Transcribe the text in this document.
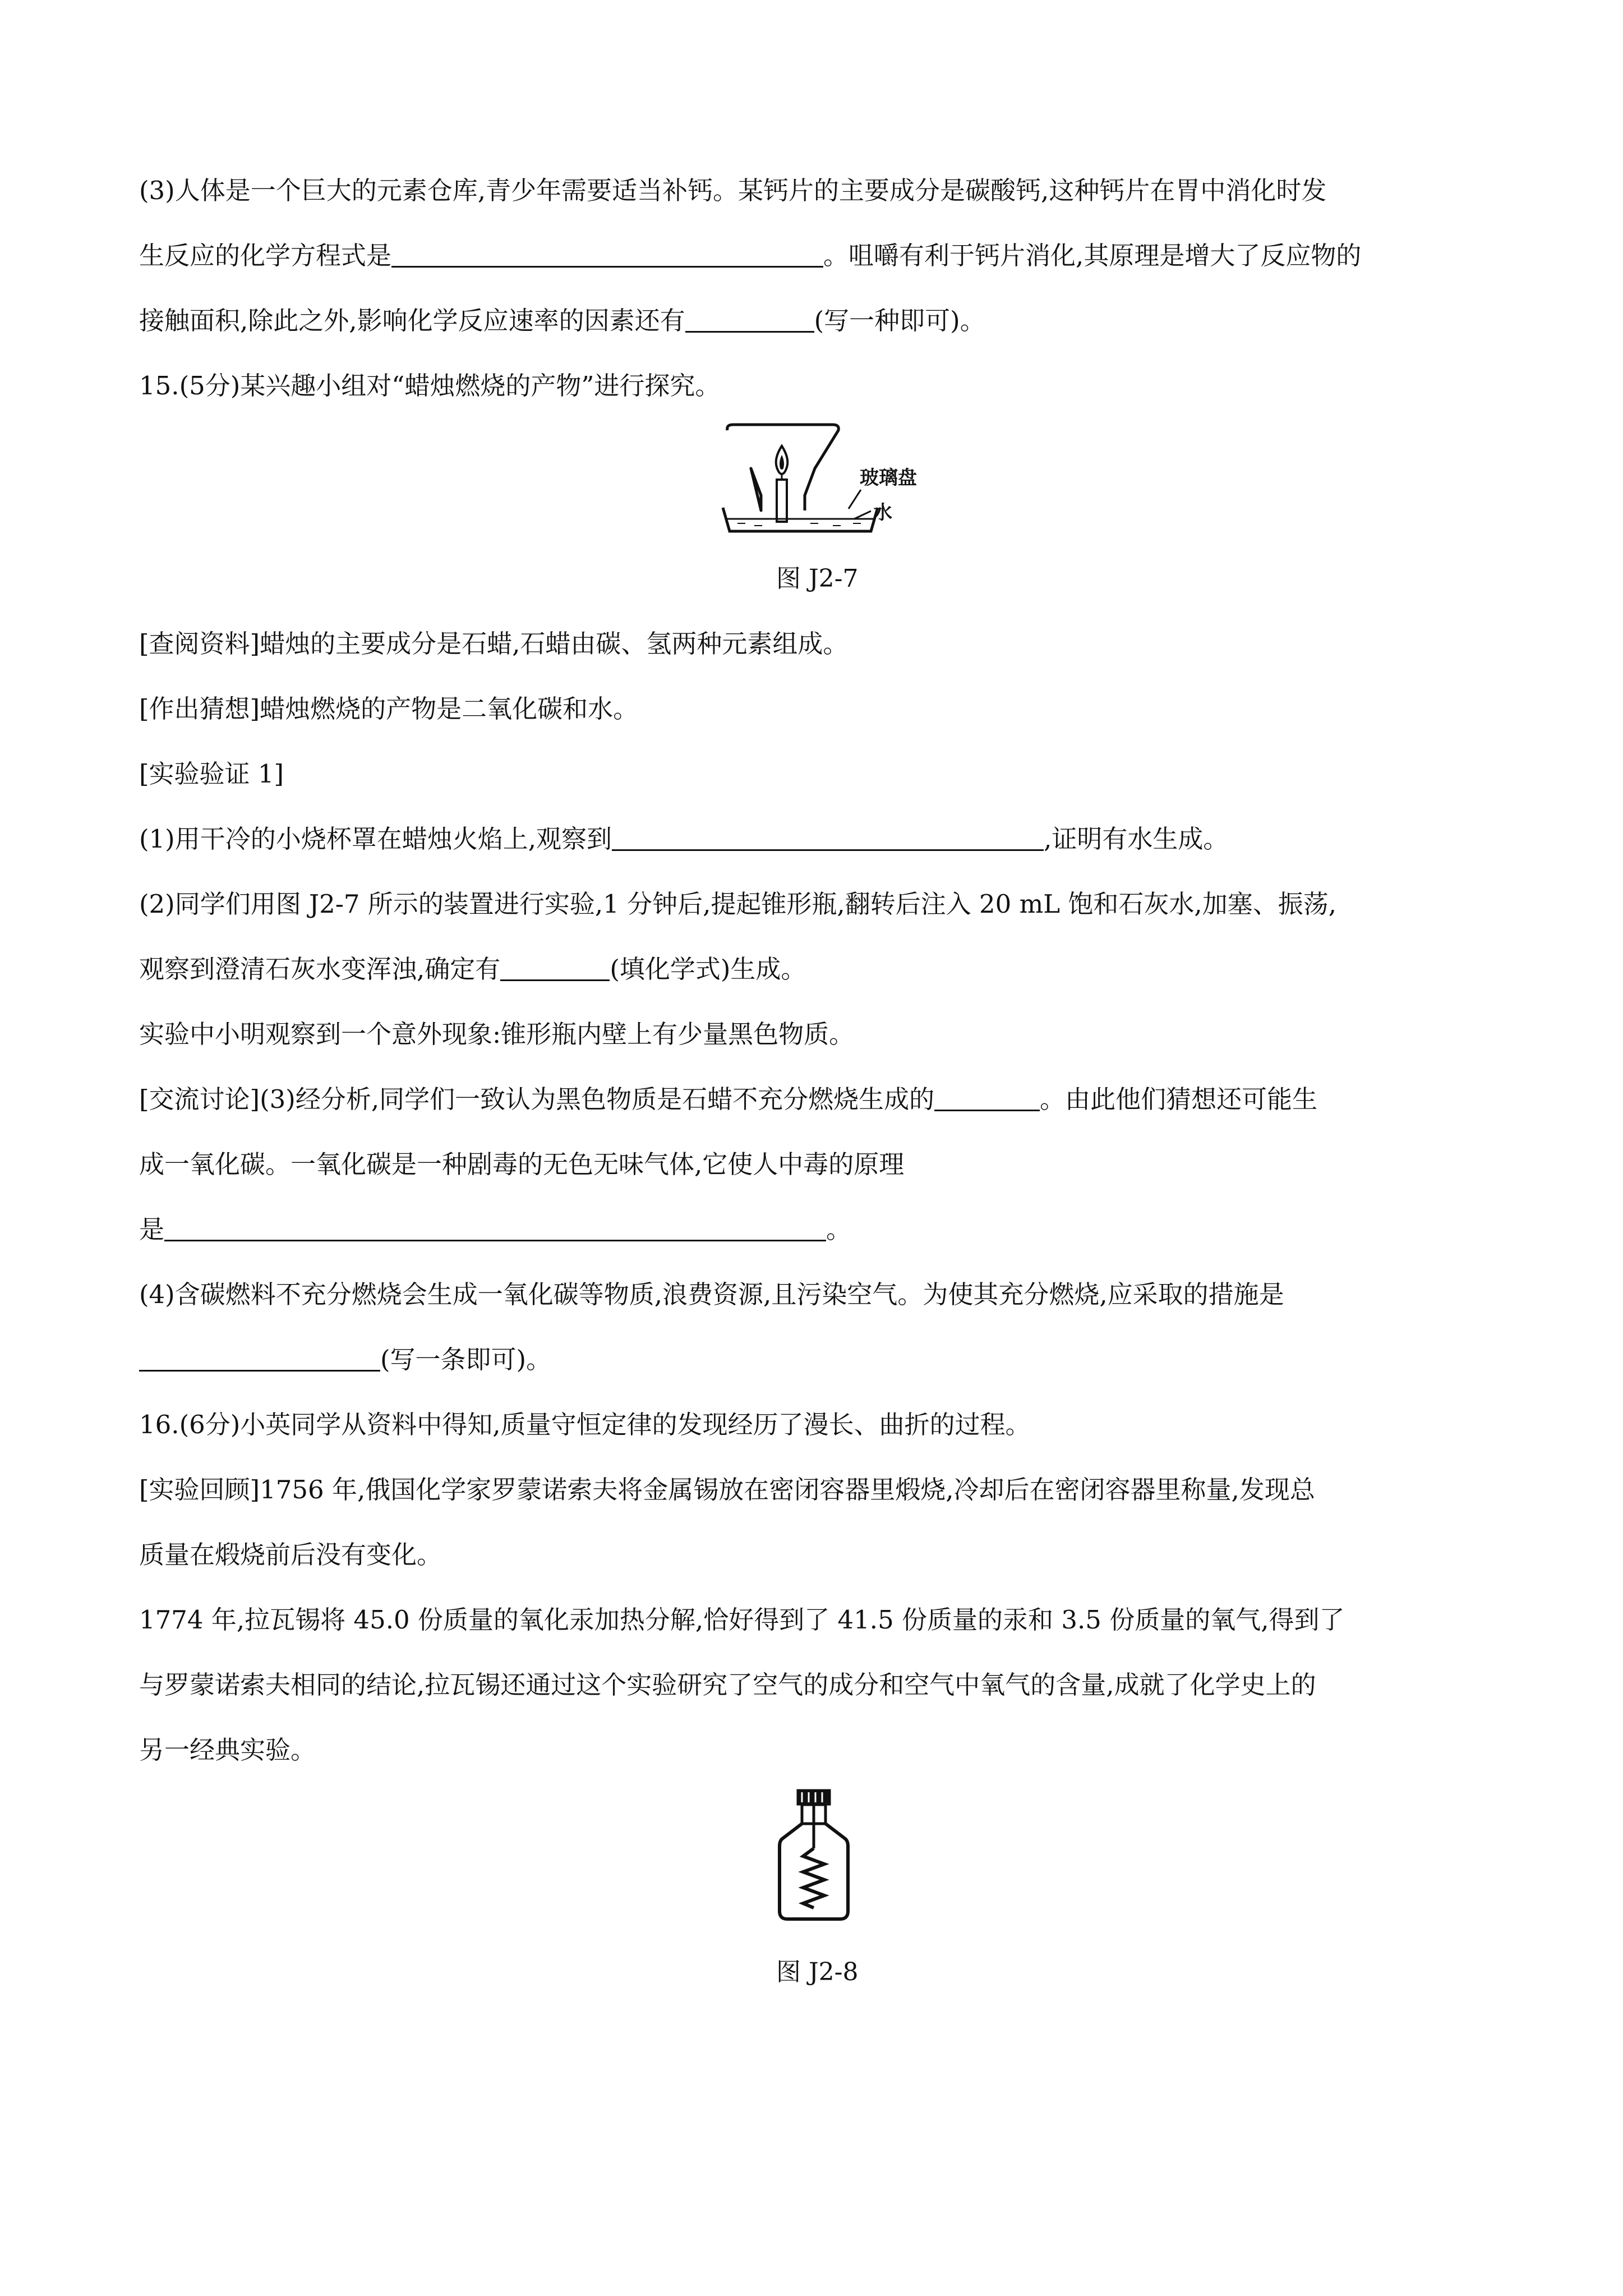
(3)人体是一个巨大的元素仓库,青少年需要适当补钙。某钙片的主要成分是碳酸钙,这种钙片在胃中消化时发
生反应的化学方程式是	。咀嚼有利于钙片消化,其原理是增大了反应物的
接触面积,除此之外,影响化学反应速率的因素还有	(写一种即可)。
15.(5分)某兴趣小组对“蜡烛燃烧的产物”进行探究。
玻璃盘
水
图 J2-7
[查阅资料]蜡烛的主要成分是石蜡,石蜡由碳、氢两种元素组成。
[作出猜想]蜡烛燃烧的产物是二氧化碳和水。
[实验验证 1]
(1)用干冷的小烧杯罩在蜡烛火焰上,观察到	,证明有水生成。
(2)同学们用图 J2-7 所示的装置进行实验,1 分钟后,提起锥形瓶,翻转后注入 20 mL 饱和石灰水,加塞、振荡,
观察到澄清石灰水变浑浊,确定有	(填化学式)生成。
实验中小明观察到一个意外现象:锥形瓶内壁上有少量黑色物质。
[交流讨论](3)经分析,同学们一致认为黑色物质是石蜡不充分燃烧生成的	。由此他们猜想还可能生
成一氧化碳。一氧化碳是一种剧毒的无色无味气体,它使人中毒的原理
是	。
(4)含碳燃料不充分燃烧会生成一氧化碳等物质,浪费资源,且污染空气。为使其充分燃烧,应采取的措施是
(写一条即可)。
16.(6分)小英同学从资料中得知,质量守恒定律的发现经历了漫长、曲折的过程。
[实验回顾]1756 年,俄国化学家罗蒙诺索夫将金属锡放在密闭容器里煅烧,冷却后在密闭容器里称量,发现总
质量在煅烧前后没有变化。
1774 年,拉瓦锡将 45.0 份质量的氧化汞加热分解,恰好得到了 41.5 份质量的汞和 3.5 份质量的氧气,得到了
与罗蒙诺索夫相同的结论,拉瓦锡还通过这个实验研究了空气的成分和空气中氧气的含量,成就了化学史上的
另一经典实验。
图 J2-8
